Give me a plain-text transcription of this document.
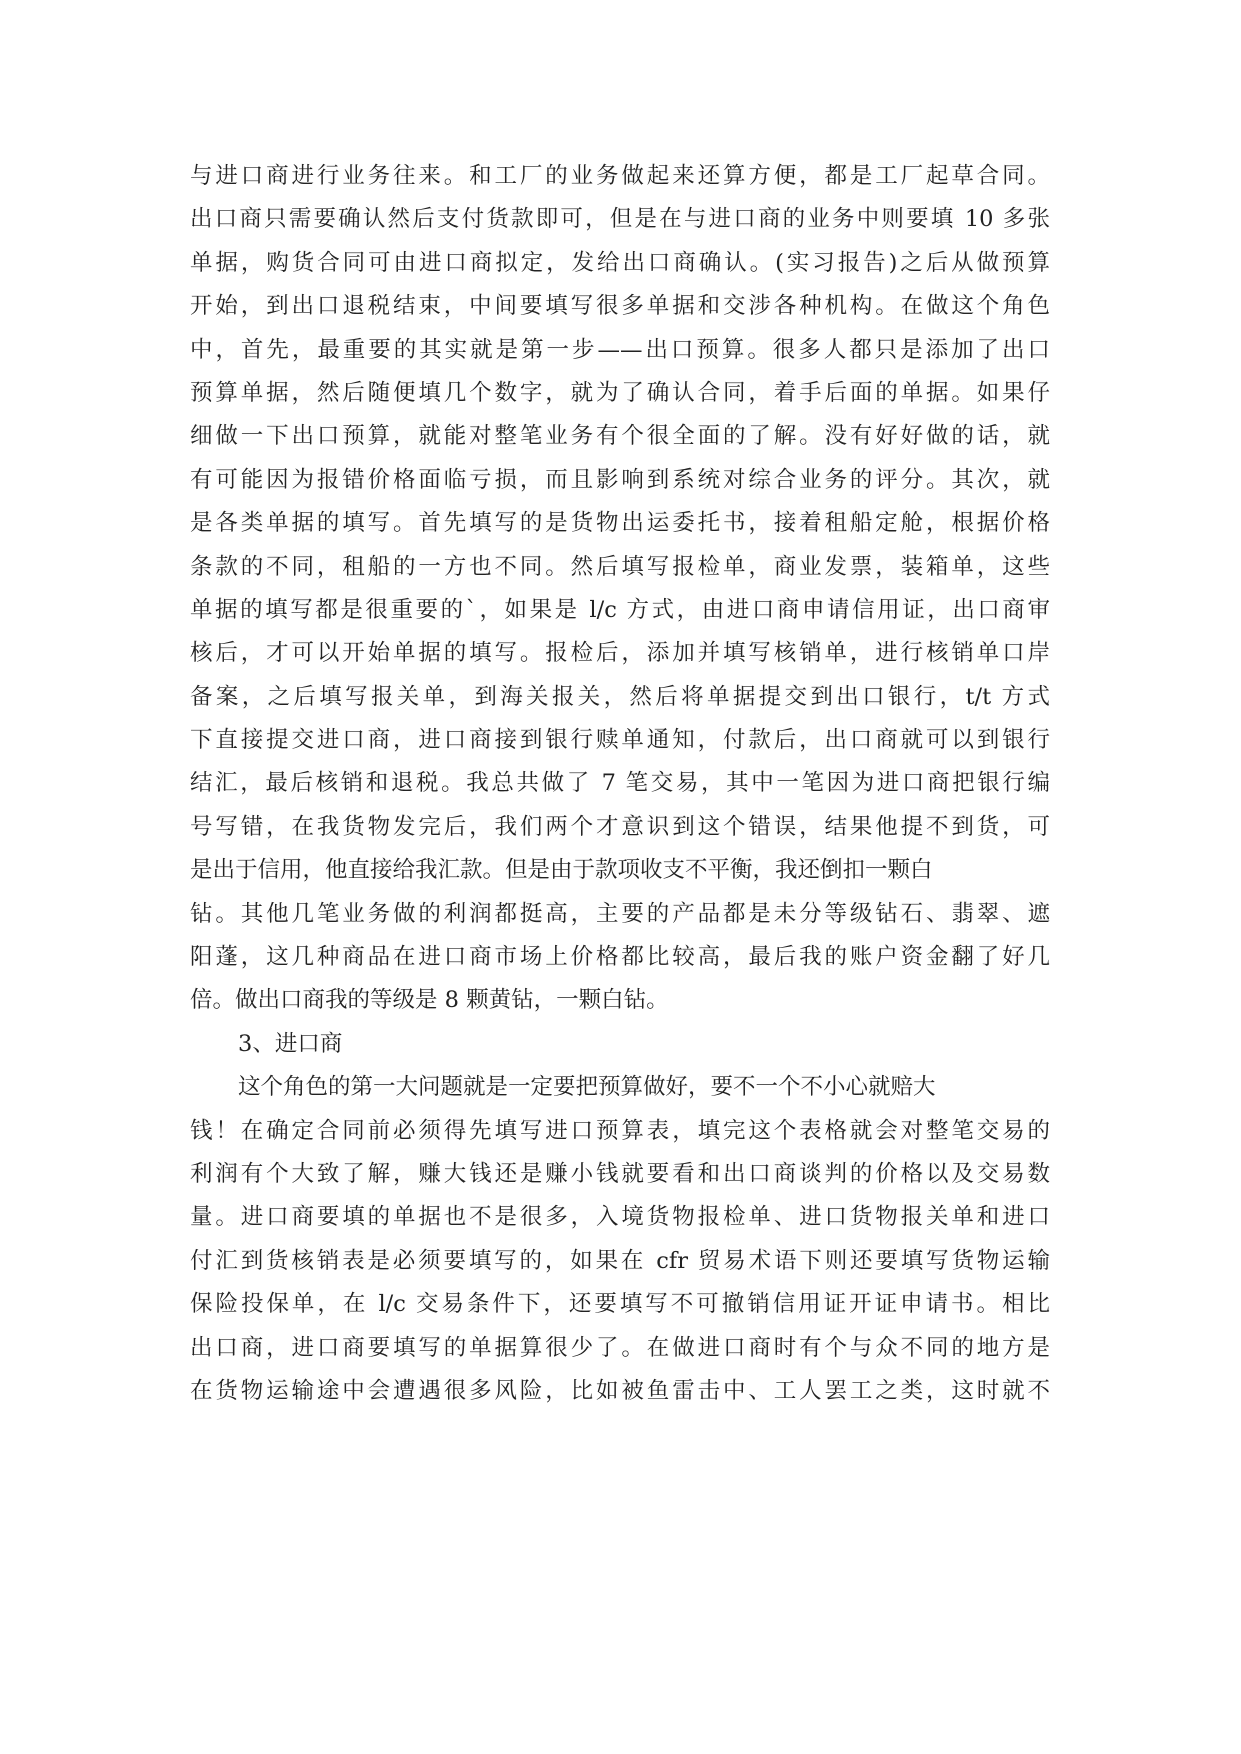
与进口商进行业务往来。和工厂的业务做起来还算方便，都是工厂起草合同。
出口商只需要确认然后支付货款即可，但是在与进口商的业务中则要填 10 多张
单据，购货合同可由进口商拟定，发给出口商确认。(实习报告)之后从做预算
开始，到出口退税结束，中间要填写很多单据和交涉各种机构。在做这个角色
中，首先，最重要的其实就是第一步——出口预算。很多人都只是添加了出口
预算单据，然后随便填几个数字，就为了确认合同，着手后面的单据。如果仔
细做一下出口预算，就能对整笔业务有个很全面的了解。没有好好做的话，就
有可能因为报错价格面临亏损，而且影响到系统对综合业务的评分。其次，就
是各类单据的填写。首先填写的是货物出运委托书，接着租船定舱，根据价格
条款的不同，租船的一方也不同。然后填写报检单，商业发票，装箱单，这些
单据的填写都是很重要的`，如果是 l/c 方式，由进口商申请信用证，出口商审
核后，才可以开始单据的填写。报检后，添加并填写核销单，进行核销单口岸
备案，之后填写报关单，到海关报关，然后将单据提交到出口银行，t/t 方式
下直接提交进口商，进口商接到银行赎单通知，付款后，出口商就可以到银行
结汇，最后核销和退税。我总共做了 7 笔交易，其中一笔因为进口商把银行编
号写错，在我货物发完后，我们两个才意识到这个错误，结果他提不到货，可
是出于信用，他直接给我汇款。但是由于款项收支不平衡，我还倒扣一颗白
钻。其他几笔业务做的利润都挺高，主要的产品都是未分等级钻石、翡翠、遮
阳蓬，这几种商品在进口商市场上价格都比较高，最后我的账户资金翻了好几
倍。做出口商我的等级是 8 颗黄钻，一颗白钻。
3、进口商
这个角色的第一大问题就是一定要把预算做好，要不一个不小心就赔大
钱！在确定合同前必须得先填写进口预算表，填完这个表格就会对整笔交易的
利润有个大致了解，赚大钱还是赚小钱就要看和出口商谈判的价格以及交易数
量。进口商要填的单据也不是很多，入境货物报检单、进口货物报关单和进口
付汇到货核销表是必须要填写的，如果在 cfr 贸易术语下则还要填写货物运输
保险投保单，在 l/c 交易条件下，还要填写不可撤销信用证开证申请书。相比
出口商，进口商要填写的单据算很少了。在做进口商时有个与众不同的地方是
在货物运输途中会遭遇很多风险，比如被鱼雷击中、工人罢工之类，这时就不
